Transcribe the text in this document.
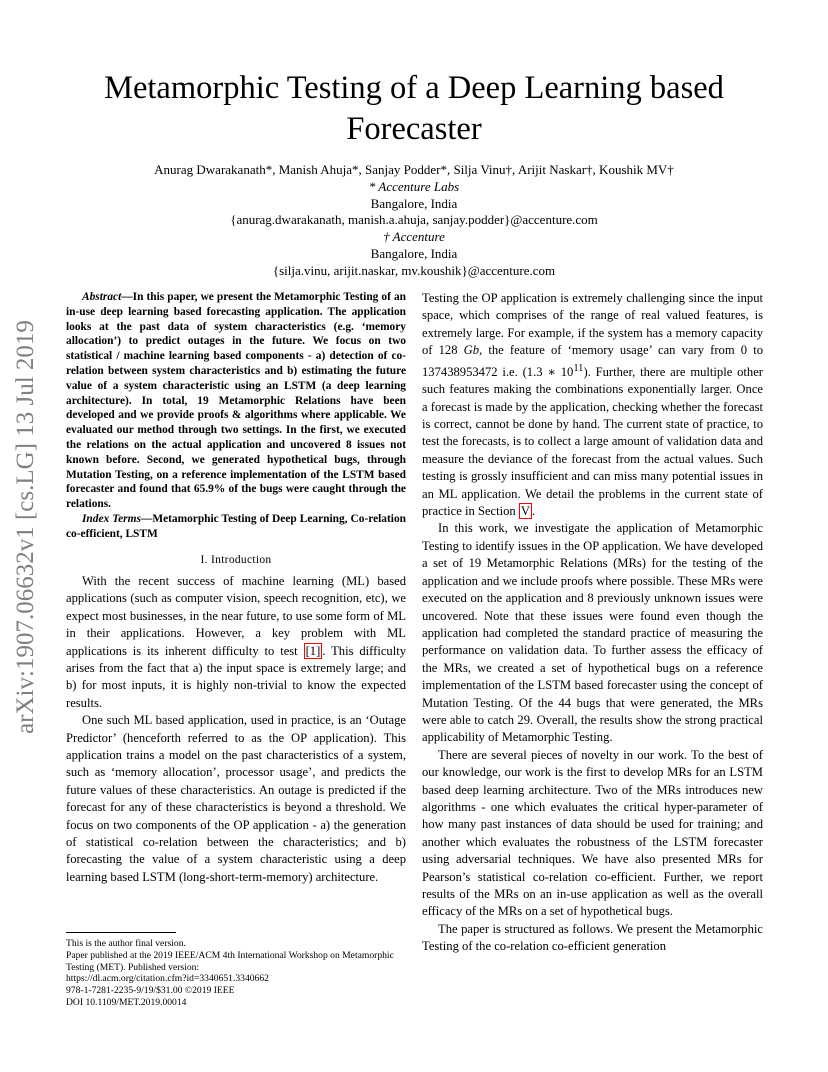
Metamorphic Testing of a Deep Learning based Forecaster
Anurag Dwarakanath*, Manish Ahuja*, Sanjay Podder*, Silja Vinu†, Arijit Naskar†, Koushik MV†
* Accenture Labs
Bangalore, India
{anurag.dwarakanath, manish.a.ahuja, sanjay.podder}@accenture.com
† Accenture
Bangalore, India
{silja.vinu, arijit.naskar, mv.koushik}@accenture.com
arXiv:1907.06632v1 [cs.LG] 13 Jul 2019

Abstract—In this paper, we present the Metamorphic Testing of an in-use deep learning based forecasting application. The application looks at the past data of system characteristics (e.g. ‘memory allocation’) to predict outages in the future. We focus on two statistical / machine learning based components - a) detection of co-relation between system characteristics and b) estimating the future value of a system characteristic using an LSTM (a deep learning architecture). In total, 19 Metamorphic Relations have been developed and we provide proofs & algorithms where applicable. We evaluated our method through two settings. In the first, we executed the relations on the actual application and uncovered 8 issues not known before. Second, we generated hypothetical bugs, through Mutation Testing, on a reference implementation of the LSTM based forecaster and found that 65.9% of the bugs were caught through the relations.

Index Terms—Metamorphic Testing of Deep Learning, Co-relation co-efficient, LSTM

I. Introduction

With the recent success of machine learning (ML) based applications (such as computer vision, speech recognition, etc), we expect most businesses, in the near future, to use some form of ML in their applications. However, a key problem with ML applications is its inherent difficulty to test [1] . This difficulty arises from the fact that a) the input space is extremely large; and b) for most inputs, it is highly non-trivial to know the expected results.

One such ML based application, used in practice, is an ‘Outage Predictor’ (henceforth referred to as the OP application). This application trains a model on the past characteristics of a system, such as ‘memory allocation’, processor usage’, and predicts the future values of these characteristics. An outage is predicted if the forecast for any of these characteristics is beyond a threshold. We focus on two components of the OP application - a) the generation of statistical co-relation between the characteristics; and b) forecasting the value of a system characteristic using a deep learning based LSTM (long-short-term-memory) architecture.

This is the author final version.
Paper published at the 2019 IEEE/ACM 4th International Workshop on Metamorphic Testing (MET). Published version:
https://dl.acm.org/citation.cfm?id=3340651.3340662
978-1-7281-2235-9/19/$31.00 ©2019 IEEE
DOI 10.1109/MET.2019.00014

Testing the OP application is extremely challenging since the input space, which comprises of the range of real valued features, is extremely large. For example, if the system has a memory capacity of 128 Gb, the feature of ‘memory usage’ can vary from 0 to 137438953472 i.e. (1.3 ∗ $10^{11}$). Further, there are multiple other such features making the combinations exponentially larger. Once a forecast is made by the application, checking whether the forecast is correct, cannot be done by hand. The current state of practice, to test the forecasts, is to collect a large amount of validation data and measure the deviance of the forecast from the actual values. Such testing is grossly insufficient and can miss many potential issues in an ML application. We detail the problems in the current state of practice in Section V .

In this work, we investigate the application of Metamorphic Testing to identify issues in the OP application. We have developed a set of 19 Metamorphic Relations (MRs) for the testing of the application and we include proofs where possible. These MRs were executed on the application and 8 previously unknown issues were uncovered. Note that these issues were found even though the application had completed the standard practice of measuring the performance on validation data. To further assess the efficacy of the MRs, we created a set of hypothetical bugs on a reference implementation of the LSTM based forecaster using the concept of Mutation Testing. Of the 44 bugs that were generated, the MRs were able to catch 29. Overall, the results show the strong practical applicability of Metamorphic Testing.

There are several pieces of novelty in our work. To the best of our knowledge, our work is the first to develop MRs for an LSTM based deep learning architecture. Two of the MRs introduces new algorithms - one which evaluates the critical hyper-parameter of how many past instances of data should be used for training; and another which evaluates the robustness of the LSTM forecaster using adversarial techniques. We have also presented MRs for Pearson’s statistical co-relation co-efficient. Further, we report results of the MRs on an in-use application as well as the overall efficacy of the MRs on a set of hypothetical bugs.

The paper is structured as follows. We present the Metamorphic Testing of the co-relation co-efficient generation
